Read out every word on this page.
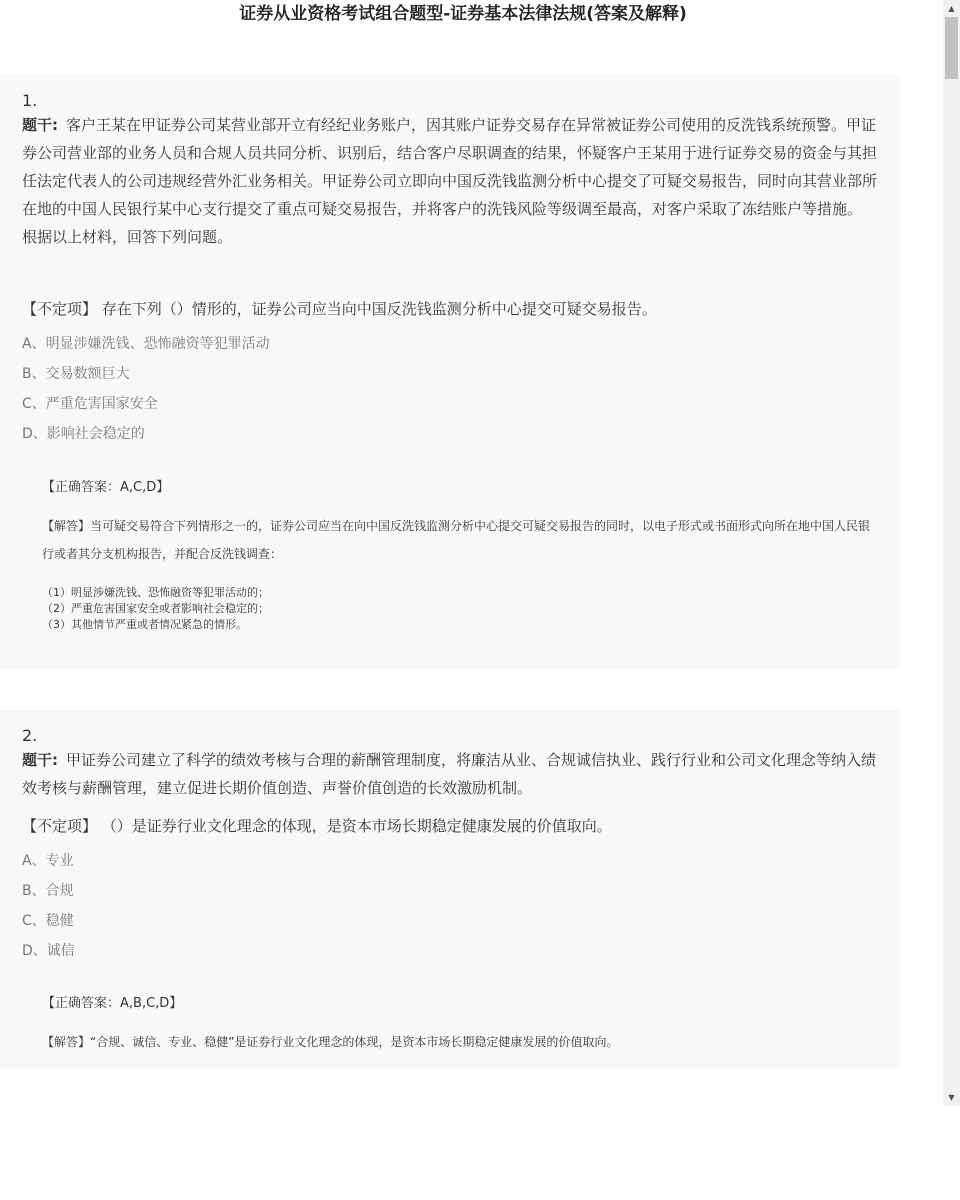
证券从业资格考试组合题型-证券基本法律法规(答案及解释)
1.

题干: 客户王某在甲证券公司某营业部开立有经纪业务账户，因其账户证券交易存在异常被证券公司使用的反洗钱系统预警。甲证券公司营业部的业务人员和合规人员共同分析、识别后，结合客户尽职调查的结果，怀疑客户王某用于进行证券交易的资金与其担任法定代表人的公司违规经营外汇业务相关。甲证券公司立即向中国反洗钱监测分析中心提交了可疑交易报告，同时向其营业部所在地的中国人民银行某中心支行提交了重点可疑交易报告，并将客户的洗钱风险等级调至最高，对客户采取了冻结账户等措施。

根据以上材料，回答下列问题。

【不定项】 存在下列（）情形的，证券公司应当向中国反洗钱监测分析中心提交可疑交易报告。

A、明显涉嫌洗钱、恐怖融资等犯罪活动
B、交易数额巨大
C、严重危害国家安全
D、影响社会稳定的

【正确答案：A,C,D】

【解答】当可疑交易符合下列情形之一的，证券公司应当在向中国反洗钱监测分析中心提交可疑交易报告的同时，以电子形式或书面形式向所在地中国人民银行或者其分支机构报告，并配合反洗钱调查：

（1）明显涉嫌洗钱、恐怖融资等犯罪活动的；
（2）严重危害国家安全或者影响社会稳定的；
（3）其他情节严重或者情况紧急的情形。
2.

题干: 甲证券公司建立了科学的绩效考核与合理的薪酬管理制度，将廉洁从业、合规诚信执业、践行行业和公司文化理念等纳入绩效考核与薪酬管理，建立促进长期价值创造、声誉价值创造的长效激励机制。

【不定项】 （）是证券行业文化理念的体现，是资本市场长期稳定健康发展的价值取向。

A、专业
B、合规
C、稳健
D、诚信

【正确答案：A,B,C,D】

【解答】“合规、诚信、专业、稳健”是证券行业文化理念的体现，是资本市场长期稳定健康发展的价值取向。

▲
▼
